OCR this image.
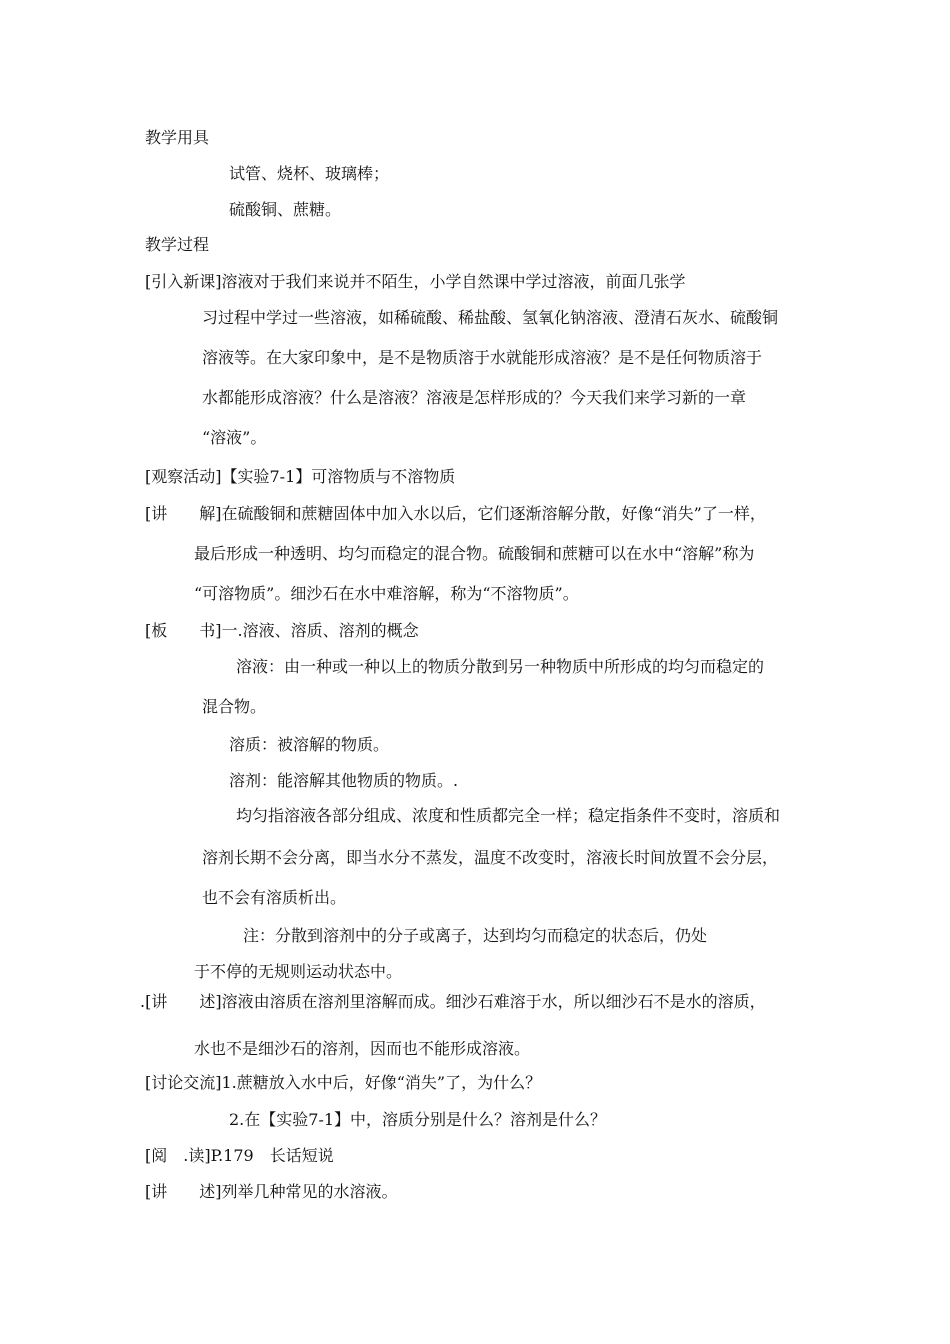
教学用具
试管、烧杯、玻璃棒；
硫酸铜、蔗糖。
教学过程
[引入新课]溶液对于我们来说并不陌生，小学自然课中学过溶液，前面几张学
习过程中学过一些溶液，如稀硫酸、稀盐酸、氢氧化钠溶液、澄清石灰水、硫酸铜
溶液等。在大家印象中，是不是物质溶于水就能形成溶液？是不是任何物质溶于
水都能形成溶液？什么是溶液？溶液是怎样形成的？今天我们来学习新的一章
“溶液”。
[观察活动]【实验7-1】可溶物质与不溶物质
[讲　　解]在硫酸铜和蔗糖固体中加入水以后，它们逐渐溶解分散，好像“消失”了一样，
最后形成一种透明、均匀而稳定的混合物。硫酸铜和蔗糖可以在水中“溶解”称为
“可溶物质”。细沙石在水中难溶解，称为“不溶物质”。
[板　　书]一.溶液、溶质、溶剂的概念
溶液：由一种或一种以上的物质分散到另一种物质中所形成的均匀而稳定的
混合物。
溶质：被溶解的物质。
溶剂：能溶解其他物质的物质。.
均匀指溶液各部分组成、浓度和性质都完全一样；稳定指条件不变时，溶质和
溶剂长期不会分离，即当水分不蒸发，温度不改变时，溶液长时间放置不会分层，
也不会有溶质析出。
注：分散到溶剂中的分子或离子，达到均匀而稳定的状态后，仍处
于不停的无规则运动状态中。
.[讲　　述]溶液由溶质在溶剂里溶解而成。细沙石难溶于水，所以细沙石不是水的溶质，
水也不是细沙石的溶剂，因而也不能形成溶液。
[讨论交流]1.蔗糖放入水中后，好像“消失”了，为什么？
2.在【实验7-1】中，溶质分别是什么？溶剂是什么？
[阅　.读]P.179　长话短说
[讲　　述]列举几种常见的水溶液。
